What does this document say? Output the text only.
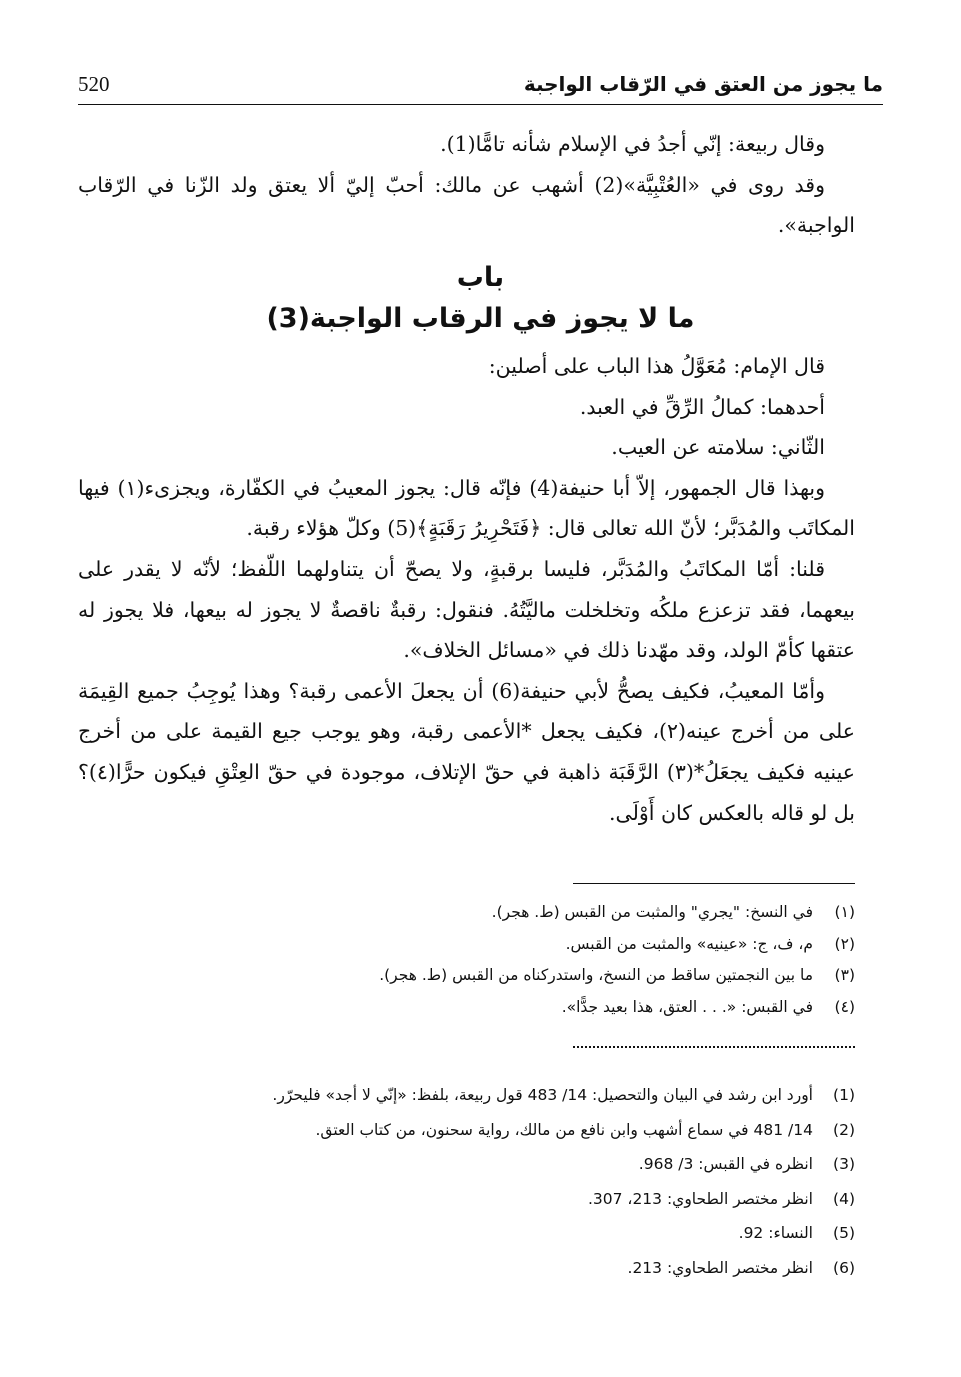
520	ما يجوز من العتق في الرّقاب الواجبة

وقال ربيعة: إنّي أجدُ في الإسلام شأنه تامًّا(1).

وقد روى في «العُتْبِيَّة»(2) أشهب عن مالك: أحبّ إليّ ألا يعتق ولد الزّنا في الرّقاب الواجبة».

باب
ما لا يجوز في الرقاب الواجبة(3)

قال الإمام: مُعَوَّلُ هذا الباب على أصلين:

أحدهما: كمالُ الرِّقِّ في العبد.

الثّاني: سلامته عن العيب.

وبهذا قال الجمهور، إلاّ أبا حنيفة(4) فإنّه قال: يجوز المعيبُ في الكفّارة، ويجزىء(١) فيها المكاتَب والمُدَبَّر؛ لأنّ الله تعالى قال: ﴿فَتَحْرِيرُ رَقَبَةٍ﴾(5) وكلّ هؤلاء رقبة.

قلنا: أمّا المكاتَبُ والمُدَبَّر، فليسا برقبةٍ، ولا يصحّ أن يتناولهما اللّفظ؛ لأنّه لا يقدر على بيعهما، فقد تزعزع ملكُه وتخلخلت ماليَّتُهُ. فنقول: رقبةٌ ناقصةٌ لا يجوز له بيعها، فلا يجوز له عتقها كأمّ الولد، وقد مهّدنا ذلك في «مسائل الخلاف».

وأمّا المعيبُ، فكيف يصحُّ لأبي حنيفة(6) أن يجعلَ الأعمى رقبة؟ وهذا يُوجِبُ جميع القِيمَة على من أخرج عينه(٢)، فكيف يجعل *الأعمى رقبة، وهو يوجب جيع القيمة على من أخرج عينيه فكيف يجعَلُ*(٣) الرَّقَبَة ذاهبة في حقّ الإتلاف، موجودة في حقّ العِتْقِ فيكون حرًّا(٤)؟ بل لو قاله بالعكس كان أَوْلَى.

(١)
في النسخ: "يجري" والمثبت من القبس (ط. هجر).
(٢)
م، ف، ج: «عينيه» والمثبت من القبس.
(٣)
ما بين النجمتين ساقط من النسخ، واستدركناه من القبس (ط. هجر).
(٤)
في القبس: «. . . العتق، هذا بعيد جدًّا».
(1)
أورد ابن رشد في البيان والتحصيل: 14/ 483 قول ربيعة، بلفظ: «إنّي لا أجد» فليحرّر.
(2)
14/ 481 في سماع أشهب وابن نافع من مالك، رواية سحنون، من كتاب العتق.
(3)
انظره في القبس: 3/ 968.
(4)
انظر مختصر الطحاوي: 213، 307.
(5)
النساء: 92.
(6)
انظر مختصر الطحاوي: 213.
